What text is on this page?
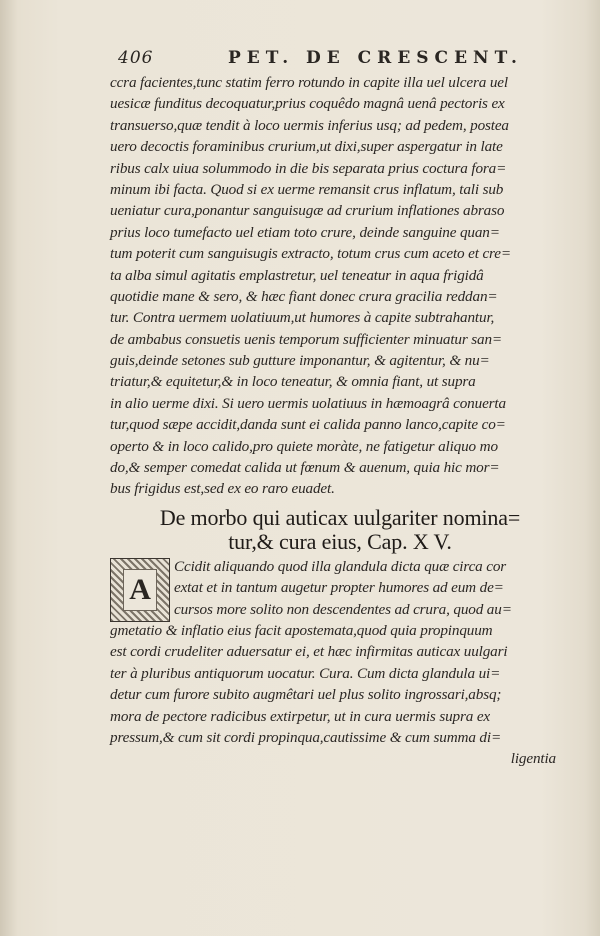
406	PET. DE CRESCENT.
ccra facientes,tunc statim ferro rotundo in capite illa uel ulcera uel
uesicæ funditus decoquatur,prius coquêdo magnâ uenâ pectoris ex
transuerso,quæ tendit à loco uermis inferius usq; ad pedem, postea
uero decoctis foraminibus crurium,ut dixi,super aspergatur in late
ribus calx uiua solummodo in die bis separata prius coctura fora=
minum ibi facta. Quod si ex uerme remansit crus inflatum, tali sub
ueniatur cura,ponantur sanguisugæ ad crurium inflationes abraso
prius loco tumefacto uel etiam toto crure, deinde sanguine quan=
tum poterit cum sanguisugis extracto, totum crus cum aceto et cre=
ta alba simul agitatis emplastretur, uel teneatur in aqua frigidâ
quotidie mane & sero, & hæc fiant donec crura gracilia reddan=
tur. Contra uermem uolatiuum,ut humores à capite subtrahantur,
de ambabus consuetis uenis temporum sufficienter minuatur san=
guis,deinde setones sub gutture imponantur, & agitentur, & nu=
triatur,& equitetur,& in loco teneatur, & omnia fiant, ut supra
in alio uerme dixi. Si uero uermis uolatiuus in hæmoagrâ conuerta
tur,quod sæpe accidit,danda sunt ei calida panno lanco,capite co=
operto & in loco calido,pro quiete moràte, ne fatigetur aliquo mo
do,& semper comedat calida ut fœnum & auenum, quia hic mor=
bus frigidus est,sed ex eo raro euadet.
De morbo qui auticax uulgariter nomina=
tur,& cura eius, Cap. X V.
A
Ccidit aliquando quod illa glandula dicta quæ circa cor
extat et in tantum augetur propter humores ad eum de=
cursos more solito non descendentes ad crura, quod au=
gmetatio & inflatio eius facit apostemata,quod quia propinquum
est cordi crudeliter aduersatur ei, et hæc infirmitas auticax uulgari
ter à pluribus antiquorum uocatur. Cura. Cum dicta glandula ui=
detur cum furore subito augmêtari uel plus solito ingrossari,absq;
mora de pectore radicibus extirpetur, ut in cura uermis supra ex
pressum,& cum sit cordi propinqua,cautissime & cum summa di=
ligentia
